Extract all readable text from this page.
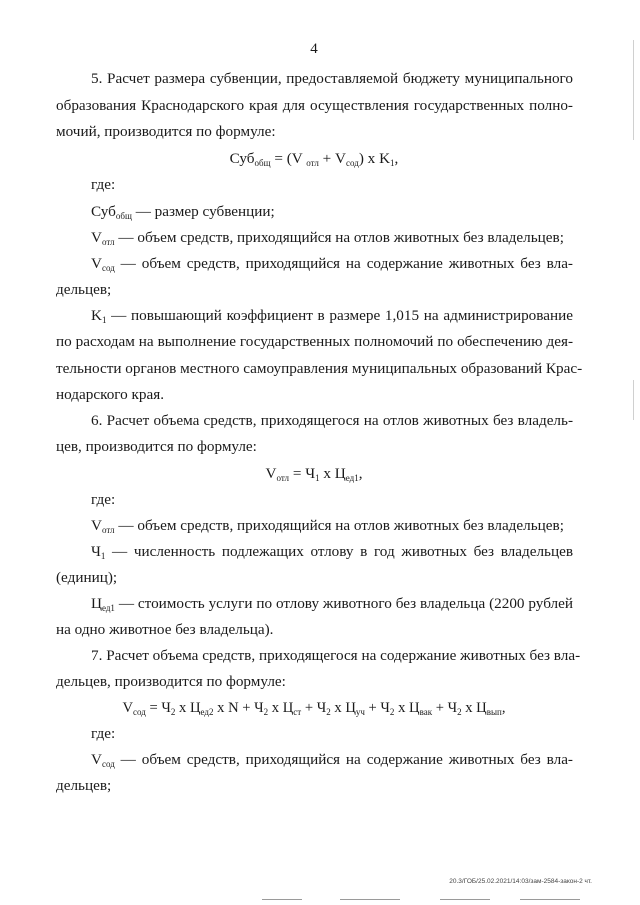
4
5. Расчет размера субвенции, предоставляемой бюджету муниципального
образования Краснодарского края для осуществления государственных полно-
мочий, производится по формуле:
Суб$_{общ}$ = (V $_{отл} + V_{сод}$) х $K_1$,
где:
Суб$_{общ}$ — размер субвенции;
$V_{отл}$ — объем средств, приходящийся на отлов животных без владельцев;
$V_{сод}$ — объем средств, приходящийся на содержание животных без вла-
дельцев;
$K_1$ — повышающий коэффициент в размере 1,015 на администрирование
по расходам на выполнение государственных полномочий по обеспечению дея-
тельности органов местного самоуправления муниципальных образований Крас-
нодарского края.
6. Расчет объема средств, приходящегося на отлов животных без владель-
цев, производится по формуле:
$V_{отл} = Ч_1$ х $Ц_{ед1}$,
где:
$V_{отл}$ — объем средств, приходящийся на отлов животных без владельцев;
$Ч_1$ — численность подлежащих отлову в год животных без владельцев
(единиц);
$Ц_{ед1}$ — стоимость услуги по отлову животного без владельца (2200 рублей
на одно животное без владельца).
7. Расчет объема средств, приходящегося на содержание животных без вла-
дельцев, производится по формуле:
$V_{сод} = Ч_2$ х $Ц_{ед2}$ х $N + Ч_2$ х $Ц_{ст} + Ч_2$ х $Ц_{уч} + Ч_2$ х $Ц_{вак} + Ч_2$ х $Ц_{вып}$,
где:
$V_{сод}$ — объем средств, приходящийся на содержание животных без вла-
дельцев;
20.3/ГОБ/25.02.2021/14:03/зам-2584-закон-2 чт.
